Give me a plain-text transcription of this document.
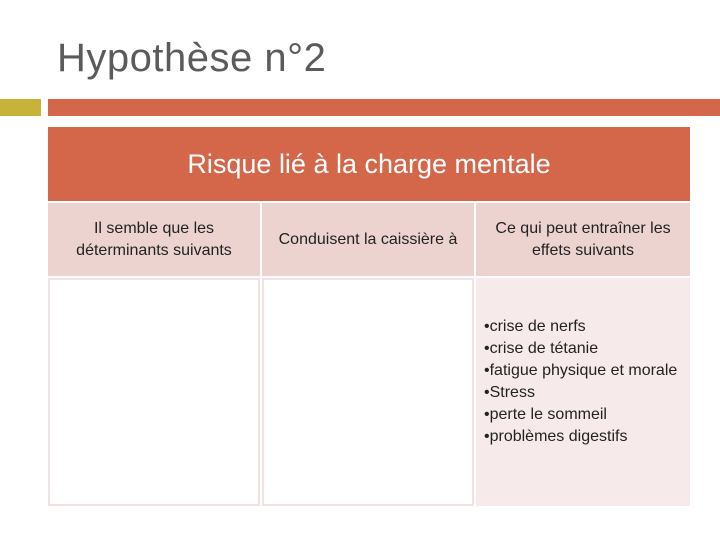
Hypothèse n°2
Risque lié à la charge mentale
Il semble que les déterminants suivants
Conduisent la caissière à
Ce qui peut entraîner les effets suivants
•crise de nerfs
•crise de tétanie
•fatigue physique et morale
•Stress
•perte le sommeil
•problèmes digestifs
